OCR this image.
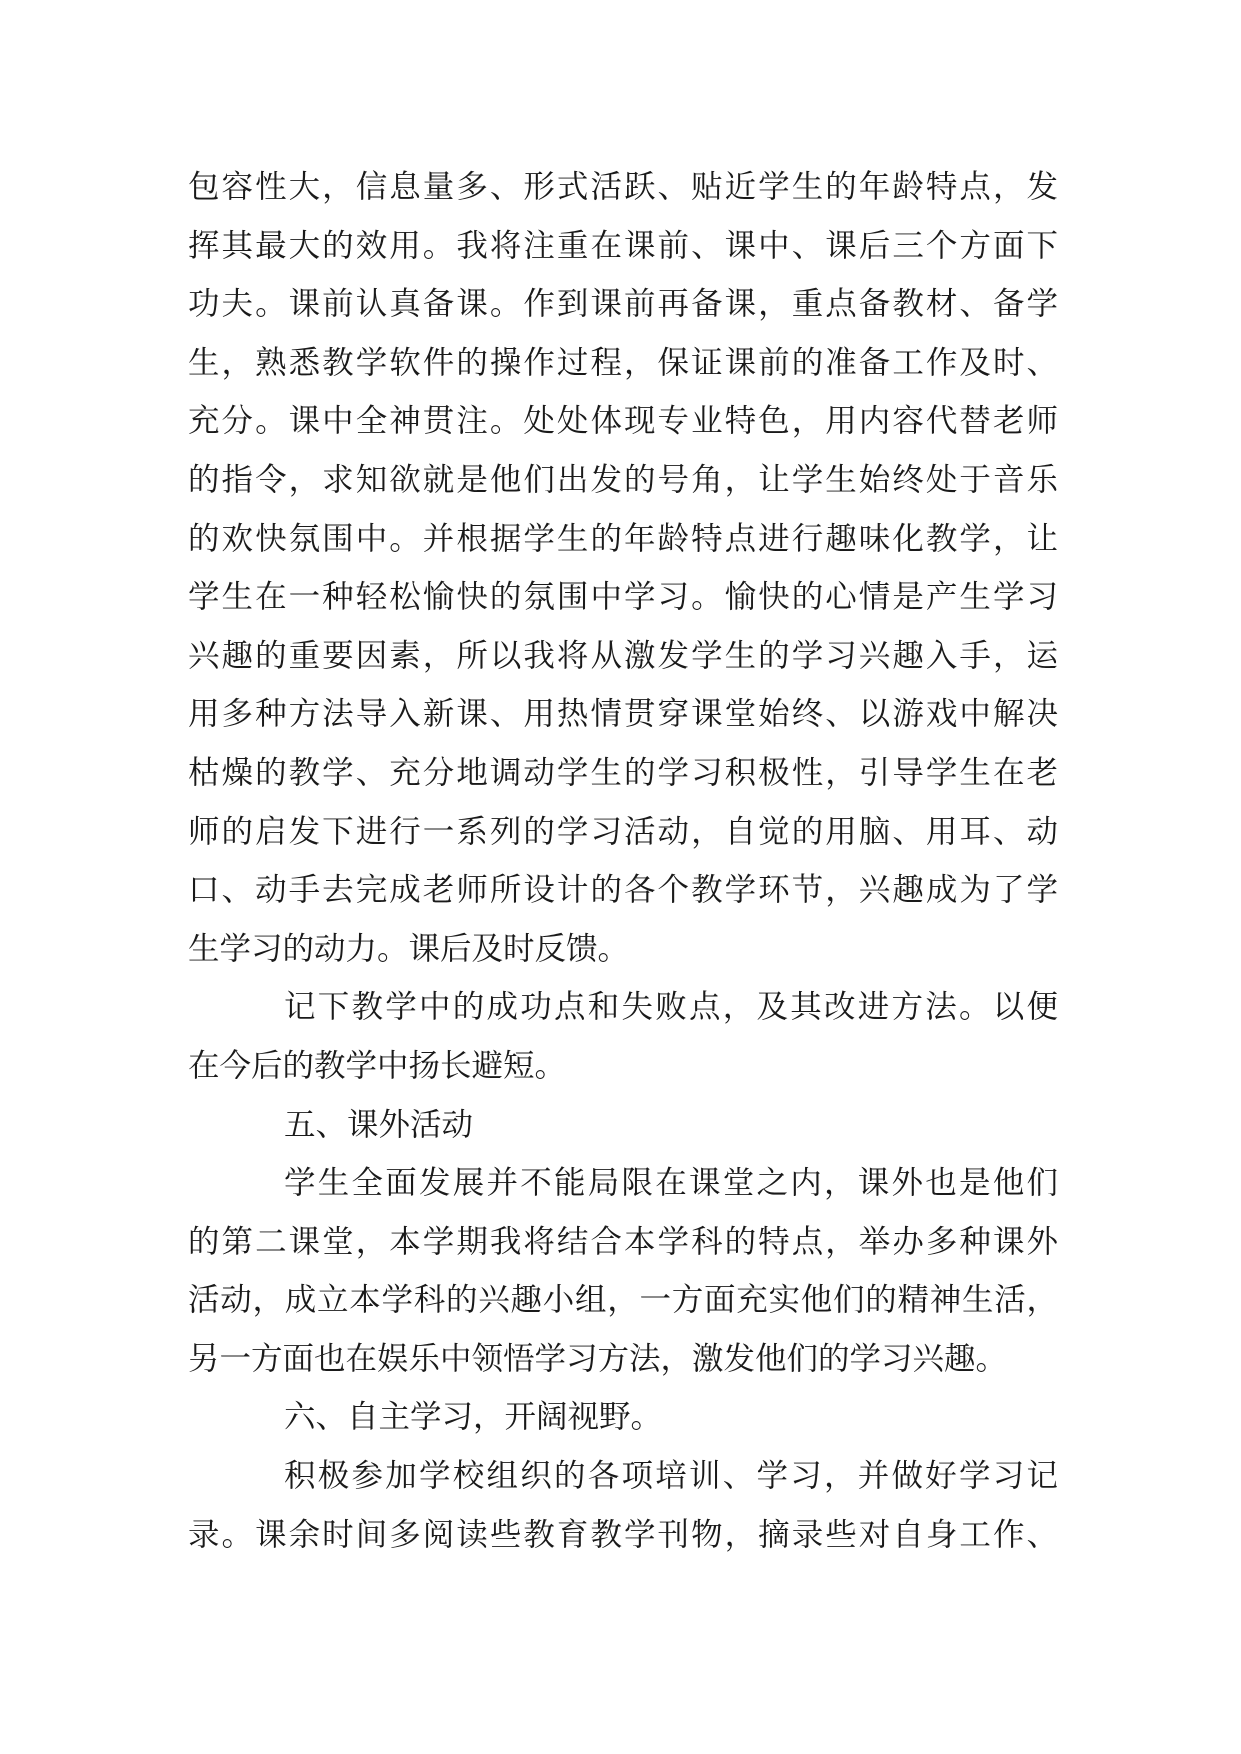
包容性大，信息量多、形式活跃、贴近学生的年龄特点，发
挥其最大的效用。我将注重在课前、课中、课后三个方面下
功夫。课前认真备课。作到课前再备课，重点备教材、备学
生，熟悉教学软件的操作过程，保证课前的准备工作及时、
充分。课中全神贯注。处处体现专业特色，用内容代替老师
的指令，求知欲就是他们出发的号角，让学生始终处于音乐
的欢快氛围中。并根据学生的年龄特点进行趣味化教学，让
学生在一种轻松愉快的氛围中学习。愉快的心情是产生学习
兴趣的重要因素，所以我将从激发学生的学习兴趣入手，运
用多种方法导入新课、用热情贯穿课堂始终、以游戏中解决
枯燥的教学、充分地调动学生的学习积极性，引导学生在老
师的启发下进行一系列的学习活动，自觉的用脑、用耳、动
口、动手去完成老师所设计的各个教学环节，兴趣成为了学
生学习的动力。课后及时反馈。
记下教学中的成功点和失败点，及其改进方法。以便
在今后的教学中扬长避短。
五、课外活动
学生全面发展并不能局限在课堂之内，课外也是他们
的第二课堂，本学期我将结合本学科的特点，举办多种课外
活动，成立本学科的兴趣小组，一方面充实他们的精神生活，
另一方面也在娱乐中领悟学习方法，激发他们的学习兴趣。
六、自主学习，开阔视野。
积极参加学校组织的各项培训、学习，并做好学习记
录。课余时间多阅读些教育教学刊物，摘录些对自身工作、
